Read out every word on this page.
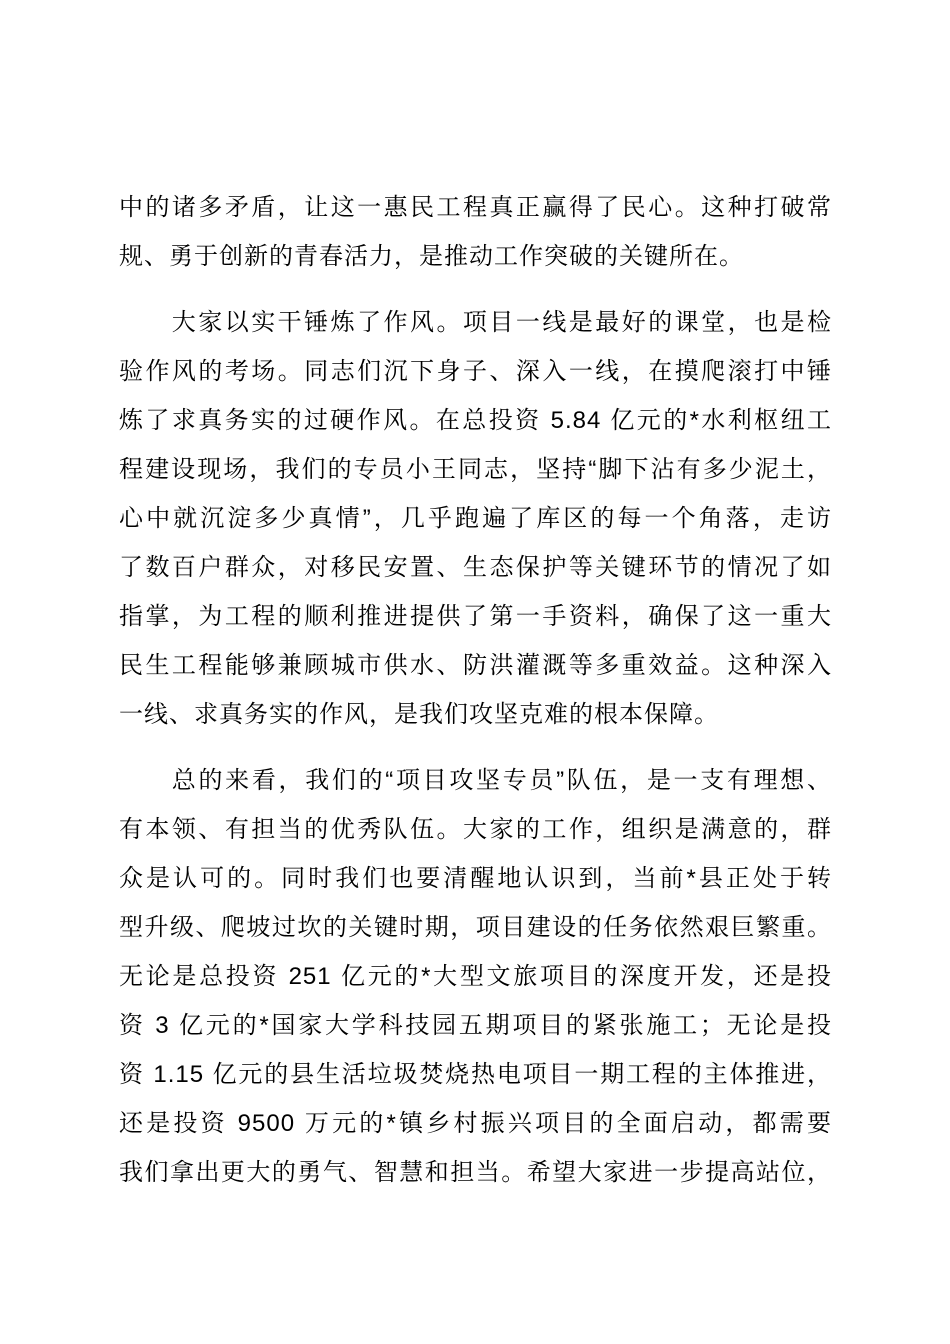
中的诸多矛盾，让这一惠民工程真正赢得了民心。这种打破常
规、勇于创新的青春活力，是推动工作突破的关键所在。
大家以实干锤炼了作风。项目一线是最好的课堂，也是检
验作风的考场。同志们沉下身子、深入一线，在摸爬滚打中锤
炼了求真务实的过硬作风。在总投资 5.84 亿元的*水利枢纽工
程建设现场，我们的专员小王同志，坚持“脚下沾有多少泥土，
心中就沉淀多少真情”，几乎跑遍了库区的每一个角落，走访
了数百户群众，对移民安置、生态保护等关键环节的情况了如
指掌，为工程的顺利推进提供了第一手资料，确保了这一重大
民生工程能够兼顾城市供水、防洪灌溉等多重效益。这种深入
一线、求真务实的作风，是我们攻坚克难的根本保障。
总的来看，我们的“项目攻坚专员”队伍，是一支有理想、
有本领、有担当的优秀队伍。大家的工作，组织是满意的，群
众是认可的。同时我们也要清醒地认识到，当前*县正处于转
型升级、爬坡过坎的关键时期，项目建设的任务依然艰巨繁重。
无论是总投资 251 亿元的*大型文旅项目的深度开发，还是投
资 3 亿元的*国家大学科技园五期项目的紧张施工；无论是投
资 1.15 亿元的县生活垃圾焚烧热电项目一期工程的主体推进，
还是投资 9500 万元的*镇乡村振兴项目的全面启动，都需要
我们拿出更大的勇气、智慧和担当。希望大家进一步提高站位，
